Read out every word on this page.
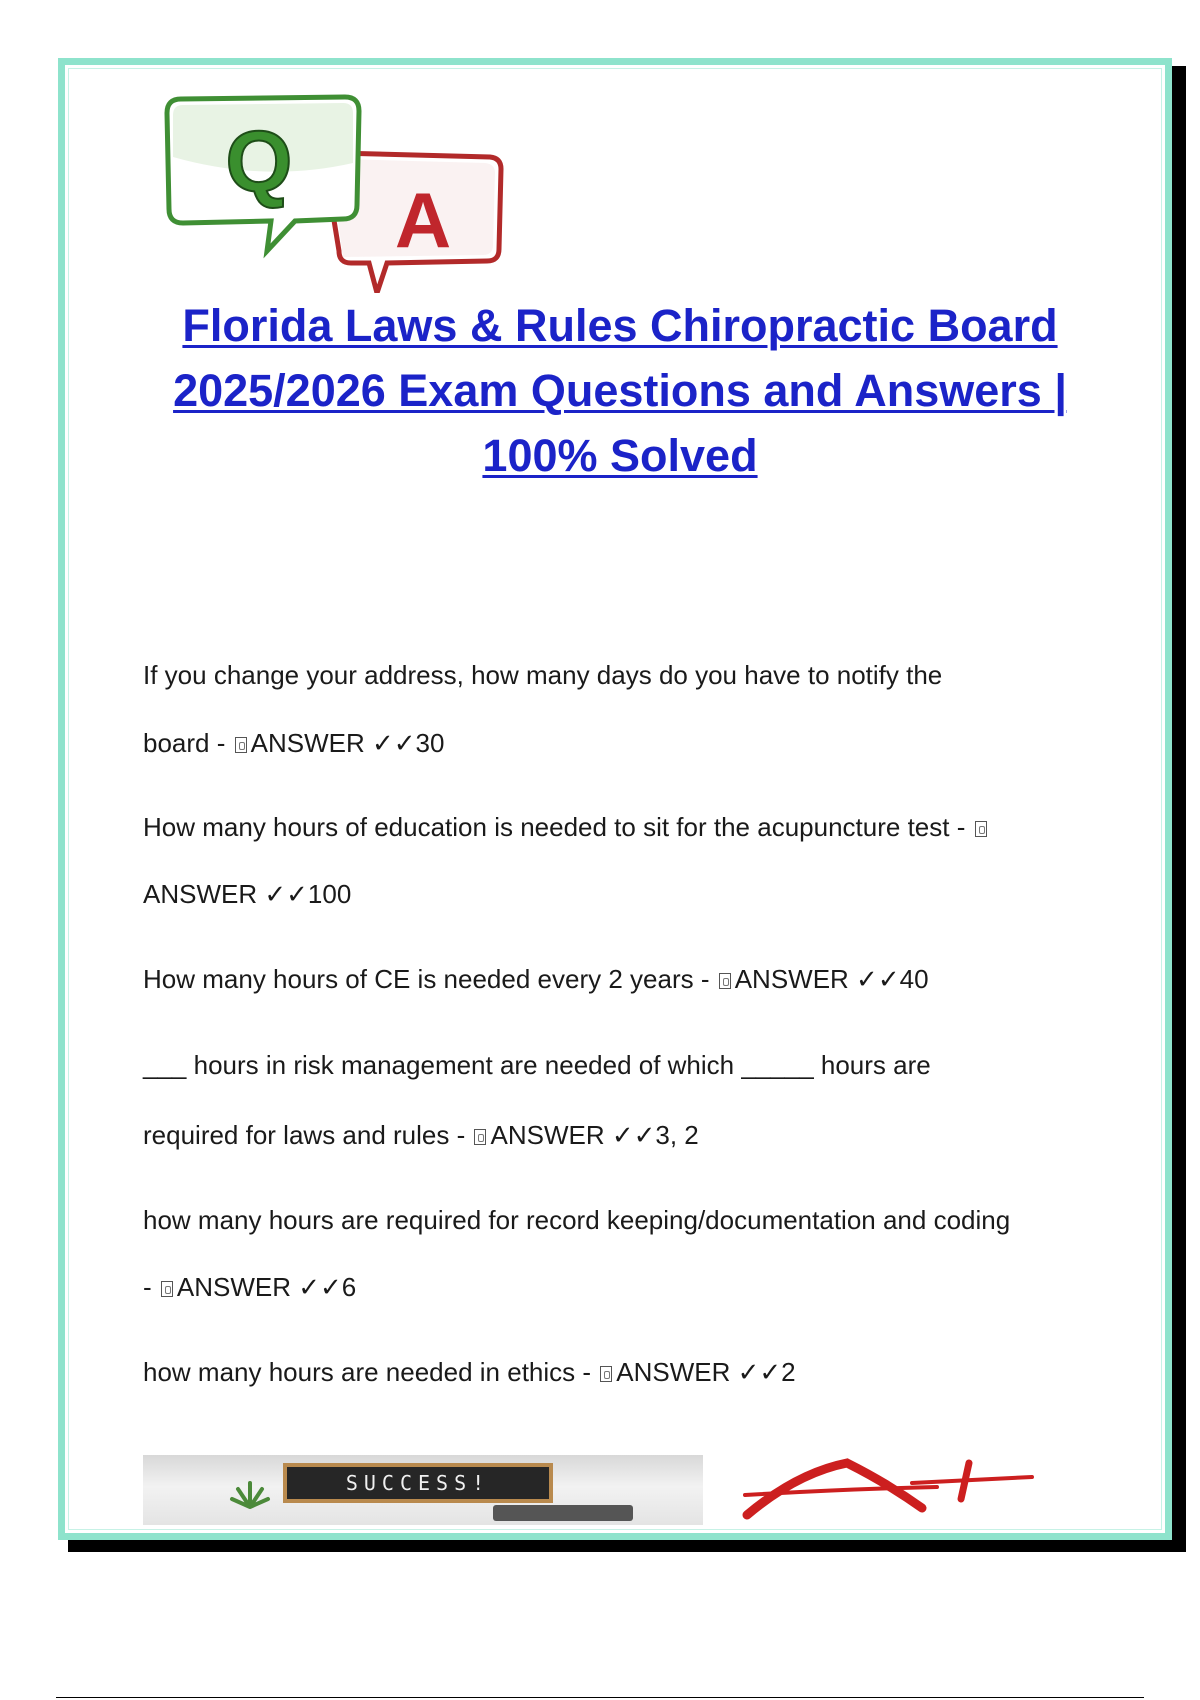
A
Q
Florida Laws & Rules Chiropractic Board 2025/2026 Exam Questions and Answers | 100% Solved

If you change your address, how many days do you have to notify the

board - ANSWER ✓✓30

How many hours of education is needed to sit for the acupuncture test -

ANSWER ✓✓100

How many hours of CE is needed every 2 years - ANSWER ✓✓40

___ hours in risk management are needed of which _____ hours are

required for laws and rules - ANSWER ✓✓3, 2

how many hours are required for record keeping/documentation and coding

- ANSWER ✓✓6

how many hours are needed in ethics - ANSWER ✓✓2

SUCCESS!
